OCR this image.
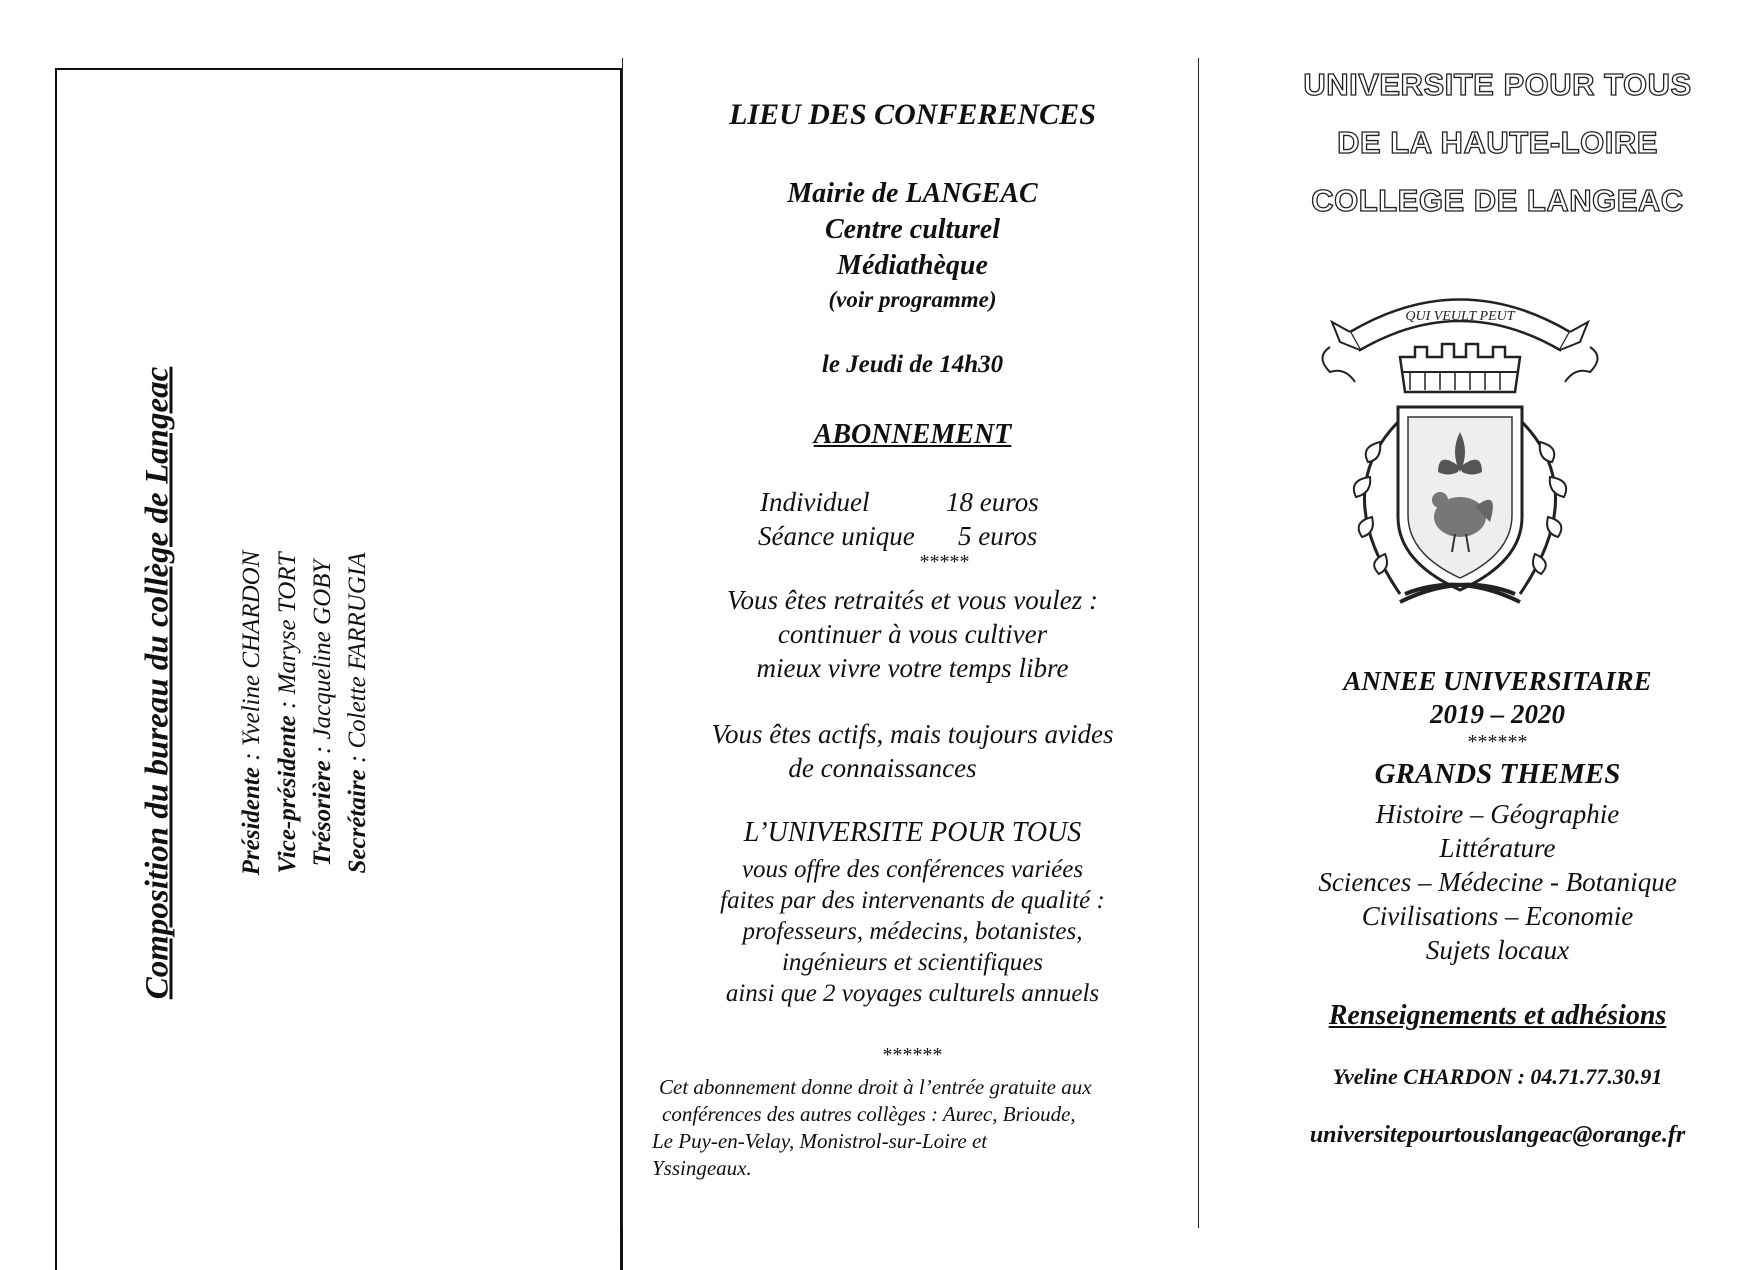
Composition du bureau du collège de Langeac	Présidente : Yveline CHARDON
Vice-présidente : Maryse TORT
Trésorière : Jacqueline GOBY
Secrétaire : Colette FARRUGIA
LIEU DES CONFERENCES
Mairie de LANGEAC
Centre culturel
Médiathèque
(voir programme)
le Jeudi de 14h30
ABONNEMENT
Individuel
Séance unique
18 euros
5 euros
*****
Vous êtes retraités et vous voulez :
continuer à vous cultiver
mieux vivre votre temps libre
Vous êtes actifs, mais toujours avides
de connaissances
L’UNIVERSITE POUR TOUS
vous offre des conférences variées
faites par des intervenants de qualité :
professeurs, médecins, botanistes,
ingénieurs et scientifiques
ainsi que 2 voyages culturels annuels
******
Cet abonnement donne droit à l’entrée gratuite aux
conférences des autres collèges : Aurec, Brioude,
Le Puy-en-Velay, Monistrol-sur-Loire et
Yssingeaux.
UNIVERSITE POUR TOUS
DE LA HAUTE-LOIRE
COLLEGE DE LANGEAC
QUI VEULT PEUT
ANNEE UNIVERSITAIRE
2019 – 2020
******
GRANDS THEMES
Histoire – Géographie
Littérature
Sciences – Médecine - Botanique
Civilisations – Economie
Sujets locaux
Renseignements et adhésions
Yveline CHARDON : 04.71.77.30.91
universitepourtouslangeac@orange.fr
